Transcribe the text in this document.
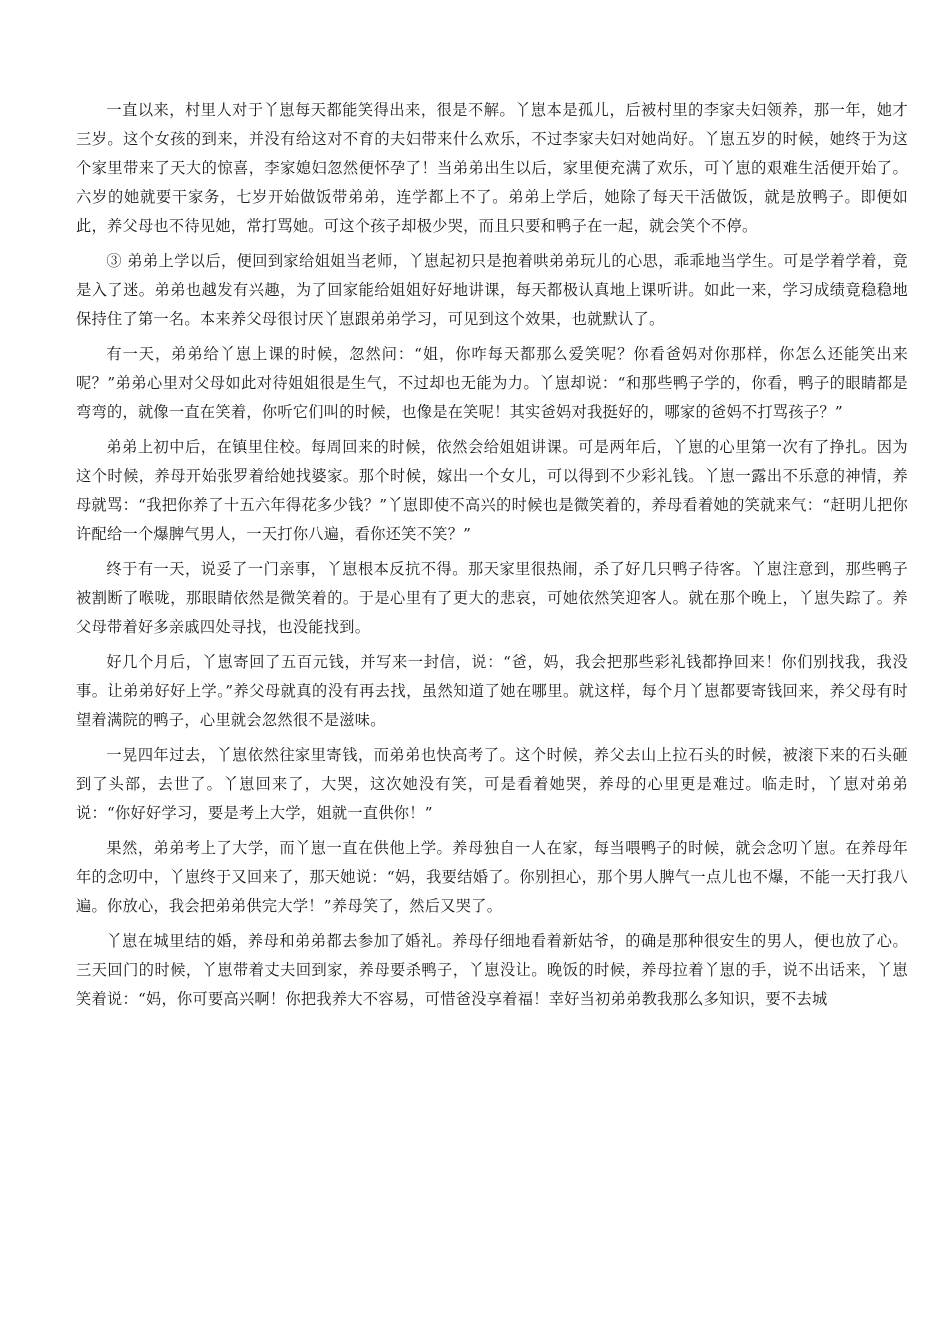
一直以来，村里人对于丫崽每天都能笑得出来，很是不解。丫崽本是孤儿，后被村里的李家夫妇领养，那一年，她才三岁。这个女孩的到来，并没有给这对不育的夫妇带来什么欢乐，不过李家夫妇对她尚好。丫崽五岁的时候，她终于为这个家里带来了天大的惊喜，李家媳妇忽然便怀孕了！当弟弟出生以后，家里便充满了欢乐，可丫崽的艰难生活便开始了。六岁的她就要干家务，七岁开始做饭带弟弟，连学都上不了。弟弟上学后，她除了每天干活做饭，就是放鸭子。即便如此，养父母也不待见她，常打骂她。可这个孩子却极少哭，而且只要和鸭子在一起，就会笑个不停。

③ 弟弟上学以后，便回到家给姐姐当老师，丫崽起初只是抱着哄弟弟玩儿的心思，乖乖地当学生。可是学着学着，竟是入了迷。弟弟也越发有兴趣，为了回家能给姐姐好好地讲课，每天都极认真地上课听讲。如此一来，学习成绩竟稳稳地保持住了第一名。本来养父母很讨厌丫崽跟弟弟学习，可见到这个效果，也就默认了。

有一天，弟弟给丫崽上课的时候，忽然问：“姐，你咋每天都那么爱笑呢？你看爸妈对你那样，你怎么还能笑出来呢？”弟弟心里对父母如此对待姐姐很是生气，不过却也无能为力。丫崽却说：“和那些鸭子学的，你看，鸭子的眼睛都是弯弯的，就像一直在笑着，你听它们叫的时候，也像是在笑呢！其实爸妈对我挺好的，哪家的爸妈不打骂孩子？”

弟弟上初中后，在镇里住校。每周回来的时候，依然会给姐姐讲课。可是两年后，丫崽的心里第一次有了挣扎。因为这个时候，养母开始张罗着给她找婆家。那个时候，嫁出一个女儿，可以得到不少彩礼钱。丫崽一露出不乐意的神情，养母就骂：“我把你养了十五六年得花多少钱？”丫崽即使不高兴的时候也是微笑着的，养母看着她的笑就来气：“赶明儿把你许配给一个爆脾气男人，一天打你八遍，看你还笑不笑？”

终于有一天，说妥了一门亲事，丫崽根本反抗不得。那天家里很热闹，杀了好几只鸭子待客。丫崽注意到，那些鸭子被割断了喉咙，那眼睛依然是微笑着的。于是心里有了更大的悲哀，可她依然笑迎客人。就在那个晚上，丫崽失踪了。养父母带着好多亲戚四处寻找，也没能找到。

好几个月后，丫崽寄回了五百元钱，并写来一封信，说：“爸，妈，我会把那些彩礼钱都挣回来！你们别找我，我没事。让弟弟好好上学。”养父母就真的没有再去找，虽然知道了她在哪里。就这样，每个月丫崽都要寄钱回来，养父母有时望着满院的鸭子，心里就会忽然很不是滋味。

一晃四年过去，丫崽依然往家里寄钱，而弟弟也快高考了。这个时候，养父去山上拉石头的时候，被滚下来的石头砸到了头部，去世了。丫崽回来了，大哭，这次她没有笑，可是看着她哭，养母的心里更是难过。临走时，丫崽对弟弟说：“你好好学习，要是考上大学，姐就一直供你！”

果然，弟弟考上了大学，而丫崽一直在供他上学。养母独自一人在家，每当喂鸭子的时候，就会念叨丫崽。在养母年年的念叨中，丫崽终于又回来了，那天她说：“妈，我要结婚了。你别担心，那个男人脾气一点儿也不爆，不能一天打我八遍。你放心，我会把弟弟供完大学！”养母笑了，然后又哭了。

丫崽在城里结的婚，养母和弟弟都去参加了婚礼。养母仔细地看着新姑爷，的确是那种很安生的男人，便也放了心。三天回门的时候，丫崽带着丈夫回到家，养母要杀鸭子，丫崽没让。晚饭的时候，养母拉着丫崽的手，说不出话来，丫崽笑着说：“妈，你可要高兴啊！你把我养大不容易，可惜爸没享着福！幸好当初弟弟教我那么多知识，要不去城
